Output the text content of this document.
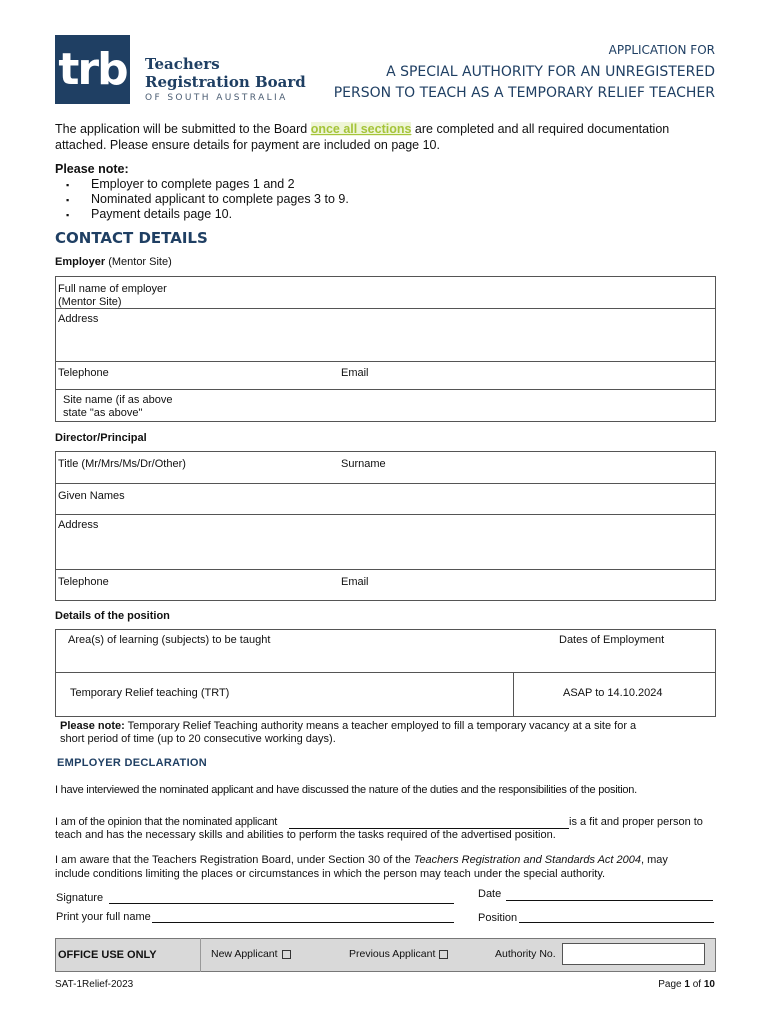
trb Teachers
Registration Board
OF SOUTH AUSTRALIA
APPLICATION FOR
A SPECIAL AUTHORITY FOR AN UNREGISTERED
PERSON TO TEACH AS A TEMPORARY RELIEF TEACHER
The application will be submitted to the Board once all sections are completed and all required documentation
attached. Please ensure details for payment are included on page 10.
Please note:
▪ Employer to complete pages 1 and 2
▪ Nominated applicant to complete pages 3 to 9.
▪ Payment details page 10.
CONTACT DETAILS
Employer (Mentor Site)
Full name of employer
(Mentor Site)
Address
Telephone	Email
Site name (if as above
state "as above"
Director/Principal
Title (Mr/Mrs/Ms/Dr/Other)	Surname
Given Names
Address
Telephone	Email
Details of the position
Area(s) of learning (subjects) to be taught	Dates of Employment
Temporary Relief teaching (TRT)	ASAP to 14.10.2024
Please note: Temporary Relief Teaching authority means a teacher employed to fill a temporary vacancy at a site for a
short period of time (up to 20 consecutive working days).
EMPLOYER DECLARATION
I have interviewed the nominated applicant and have discussed the nature of the duties and the responsibilities of the position.
I am of the opinion that the nominated applicant	is a fit and proper person to
teach and has the necessary skills and abilities to perform the tasks required of the advertised position.
I am aware that the Teachers Registration Board, under Section 30 of the Teachers Registration and Standards Act 2004, may
include conditions limiting the places or circumstances in which the person may teach under the special authority.
Signature	Date
Print your full name	Position
OFFICE USE ONLY	New Applicant	Previous Applicant	Authority No.
SAT-1Relief-2023	Page 1 of 10
